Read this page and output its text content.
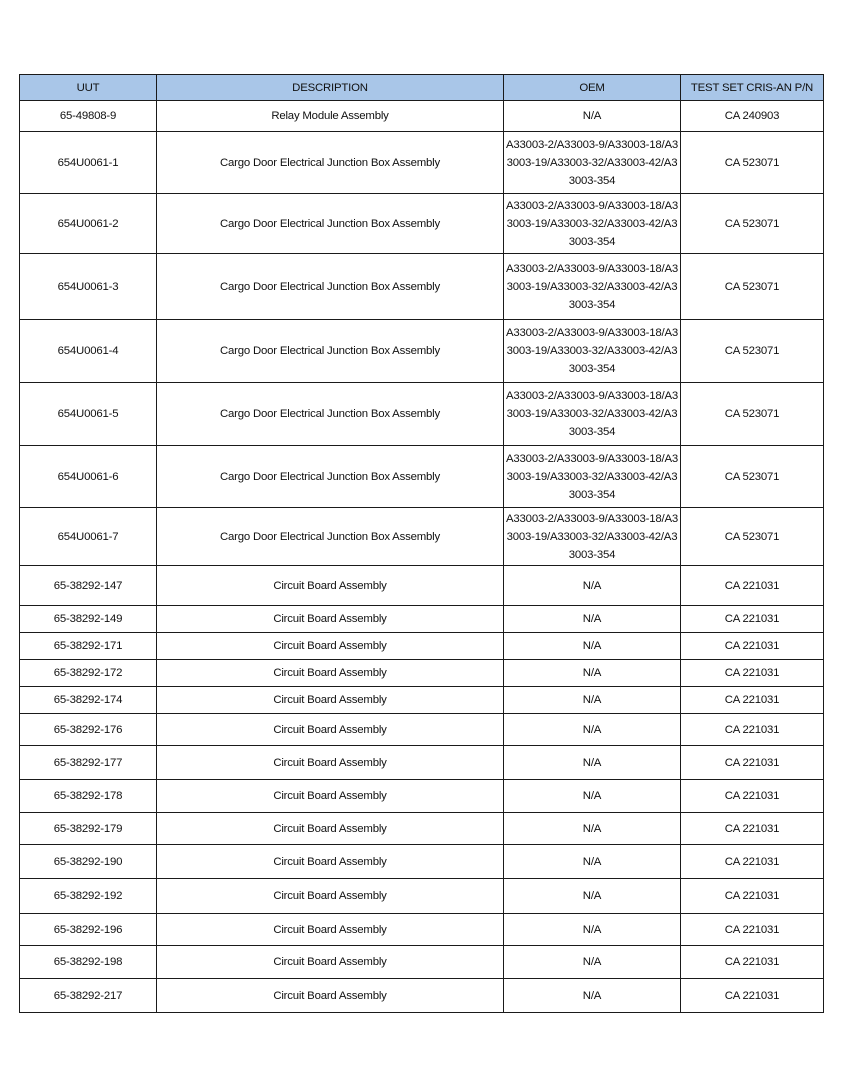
UUT	DESCRIPTION	OEM	TEST SET CRIS-AN P/N
65-49808-9	Relay Module Assembly	N/A	CA 240903
654U0061-1	Cargo Door Electrical Junction Box Assembly	A33003-2/A33003-9/A33003-18/A33003-19/A33003-32/A33003-42/A33003-354	CA 523071
654U0061-2	Cargo Door Electrical Junction Box Assembly	A33003-2/A33003-9/A33003-18/A33003-19/A33003-32/A33003-42/A33003-354	CA 523071
654U0061-3	Cargo Door Electrical Junction Box Assembly	A33003-2/A33003-9/A33003-18/A33003-19/A33003-32/A33003-42/A33003-354	CA 523071
654U0061-4	Cargo Door Electrical Junction Box Assembly	A33003-2/A33003-9/A33003-18/A33003-19/A33003-32/A33003-42/A33003-354	CA 523071
654U0061-5	Cargo Door Electrical Junction Box Assembly	A33003-2/A33003-9/A33003-18/A33003-19/A33003-32/A33003-42/A33003-354	CA 523071
654U0061-6	Cargo Door Electrical Junction Box Assembly	A33003-2/A33003-9/A33003-18/A33003-19/A33003-32/A33003-42/A33003-354	CA 523071
654U0061-7	Cargo Door Electrical Junction Box Assembly	A33003-2/A33003-9/A33003-18/A33003-19/A33003-32/A33003-42/A33003-354	CA 523071
65-38292-147	Circuit Board Assembly	N/A	CA 221031
65-38292-149	Circuit Board Assembly	N/A	CA 221031
65-38292-171	Circuit Board Assembly	N/A	CA 221031
65-38292-172	Circuit Board Assembly	N/A	CA 221031
65-38292-174	Circuit Board Assembly	N/A	CA 221031
65-38292-176	Circuit Board Assembly	N/A	CA 221031
65-38292-177	Circuit Board Assembly	N/A	CA 221031
65-38292-178	Circuit Board Assembly	N/A	CA 221031
65-38292-179	Circuit Board Assembly	N/A	CA 221031
65-38292-190	Circuit Board Assembly	N/A	CA 221031
65-38292-192	Circuit Board Assembly	N/A	CA 221031
65-38292-196	Circuit Board Assembly	N/A	CA 221031
65-38292-198	Circuit Board Assembly	N/A	CA 221031
65-38292-217	Circuit Board Assembly	N/A	CA 221031
